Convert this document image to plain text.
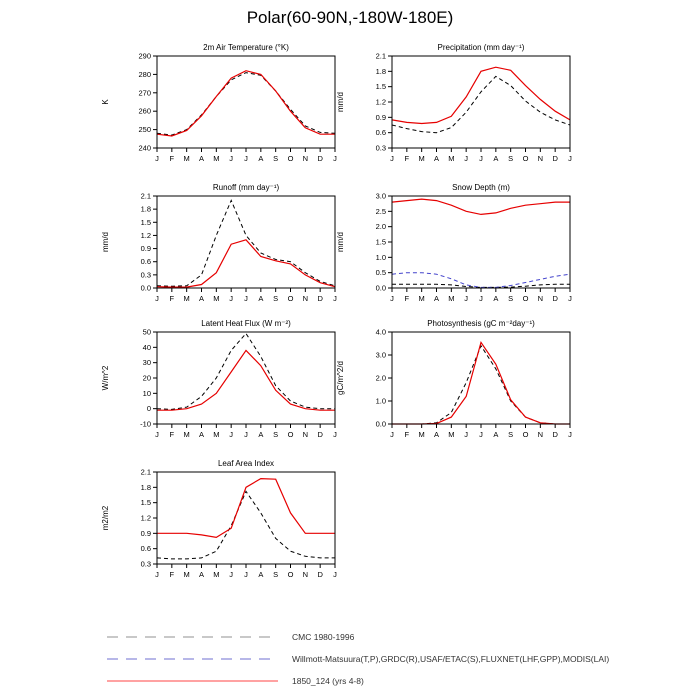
Polar(60-90N,-180W-180E)
2m Air Temperature (°K)
K
240
250
260
270
280
290
J F M A M J J A S O N D J
Precipitation (mm day⁻¹)
mm/d
0.3
0.6
0.9
1.2
1.5
1.8
2.1
J F M A M J J A S O N D J
Runoff (mm day⁻¹)
mm/d
0.0
0.3
0.6
0.9
1.2
1.5
1.8
2.1
J F M A M J J A S O N D J
Snow Depth (m)
mm/d
0.0
0.5
1.0
1.5
2.0
2.5
3.0
J F M A M J J A S O N D J
Latent Heat Flux (W m⁻²)
W/m^2
-10
0
10
20
30
40
50
J F M A M J J A S O N D J
Photosynthesis (gC m⁻²day⁻¹)
gC/m^2/d
0.0
1.0
2.0
3.0
4.0
J F M A M J J A S O N D J
Leaf Area Index
m2/m2
0.3
0.6
0.9
1.2
1.5
1.8
2.1
J F M A M J J A S O N D J
CMC 1980-1996
Willmott-Matsuura(T,P),GRDC(R),USAF/ETAC(S),FLUXNET(LHF,GPP),MODIS(LAI)
1850_124 (yrs 4-8)
